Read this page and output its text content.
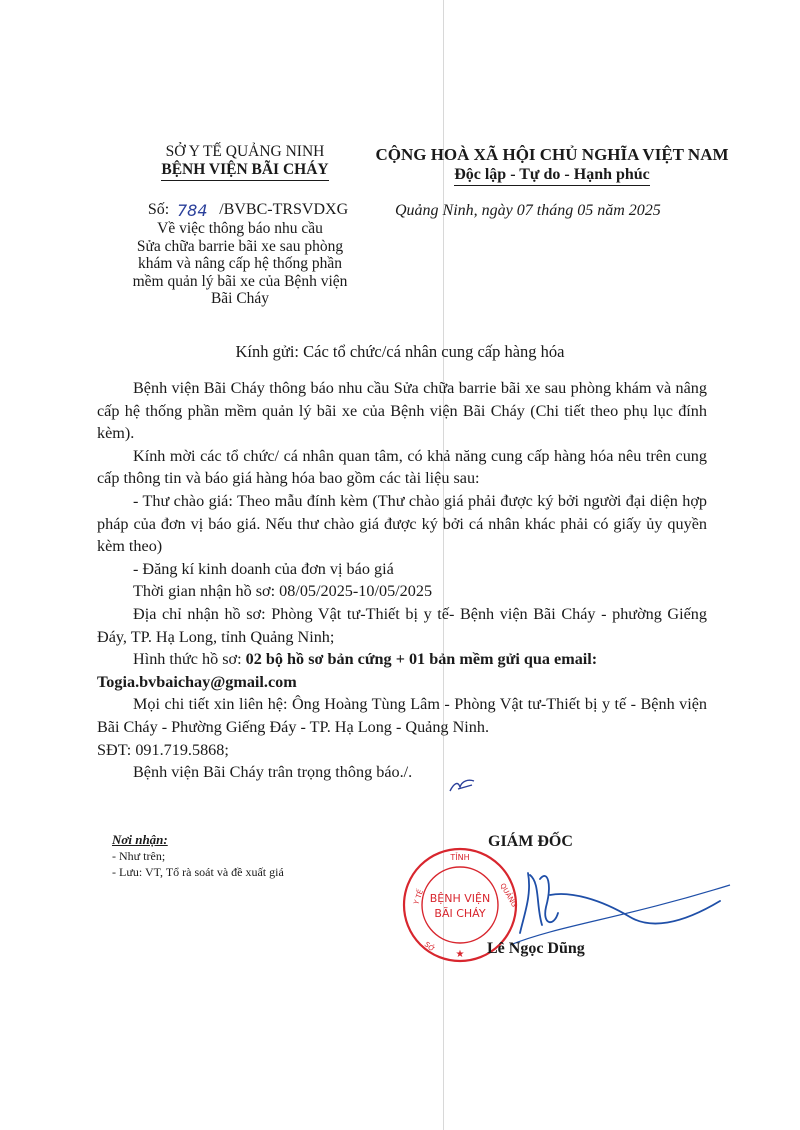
SỞ Y TẾ QUẢNG NINH
BỆNH VIỆN BÃI CHÁY
CỘNG HOÀ XÃ HỘI CHỦ NGHĨA VIỆT NAM
Độc lập - Tự do - Hạnh phúc
Số: 784 /BVBC-TRSVDXG
Về việc thông báo nhu cầu
Sửa chữa barrie bãi xe sau phòng
khám và nâng cấp hệ thống phần
mềm quản lý bãi xe của Bệnh viện
Bãi Cháy
Quảng Ninh, ngày 07 tháng 05 năm 2025
Kính gửi: Các tổ chức/cá nhân cung cấp hàng hóa

Bệnh viện Bãi Cháy thông báo nhu cầu Sửa chữa barrie bãi xe sau phòng khám và nâng cấp hệ thống phần mềm quản lý bãi xe của Bệnh viện Bãi Cháy (Chi tiết theo phụ lục đính kèm).

Kính mời các tổ chức/ cá nhân quan tâm, có khả năng cung cấp hàng hóa nêu trên cung cấp thông tin và báo giá hàng hóa bao gồm các tài liệu sau:

- Thư chào giá: Theo mẫu đính kèm (Thư chào giá phải được ký bởi người đại diện hợp pháp của đơn vị báo giá. Nếu thư chào giá được ký bởi cá nhân khác phải có giấy ủy quyền kèm theo)

- Đăng kí kinh doanh của đơn vị báo giá

Thời gian nhận hồ sơ: 08/05/2025-10/05/2025

Địa chỉ nhận hồ sơ: Phòng Vật tư-Thiết bị y tế- Bệnh viện Bãi Cháy - phường Giếng Đáy, TP. Hạ Long, tỉnh Quảng Ninh;

Hình thức hồ sơ: 02 bộ hồ sơ bản cứng + 01 bản mềm gửi qua email:

Togia.bvbaichay@gmail.com

Mọi chi tiết xin liên hệ: Ông Hoàng Tùng Lâm - Phòng Vật tư-Thiết bị y tế - Bệnh viện Bãi Cháy - Phường Giếng Đáy - TP. Hạ Long - Quảng Ninh.

SĐT: 091.719.5868;

Bệnh viện Bãi Cháy trân trọng thông báo./.

Nơi nhận:
- Như trên;
- Lưu: VT, Tổ rà soát và đề xuất giá
GIÁM ĐỐC
TỈNH
BỆNH VIỆN
BÃI CHÁY
★
Y TẾ	QUẢNG
SỞ	Lê Ngọc Dũng
